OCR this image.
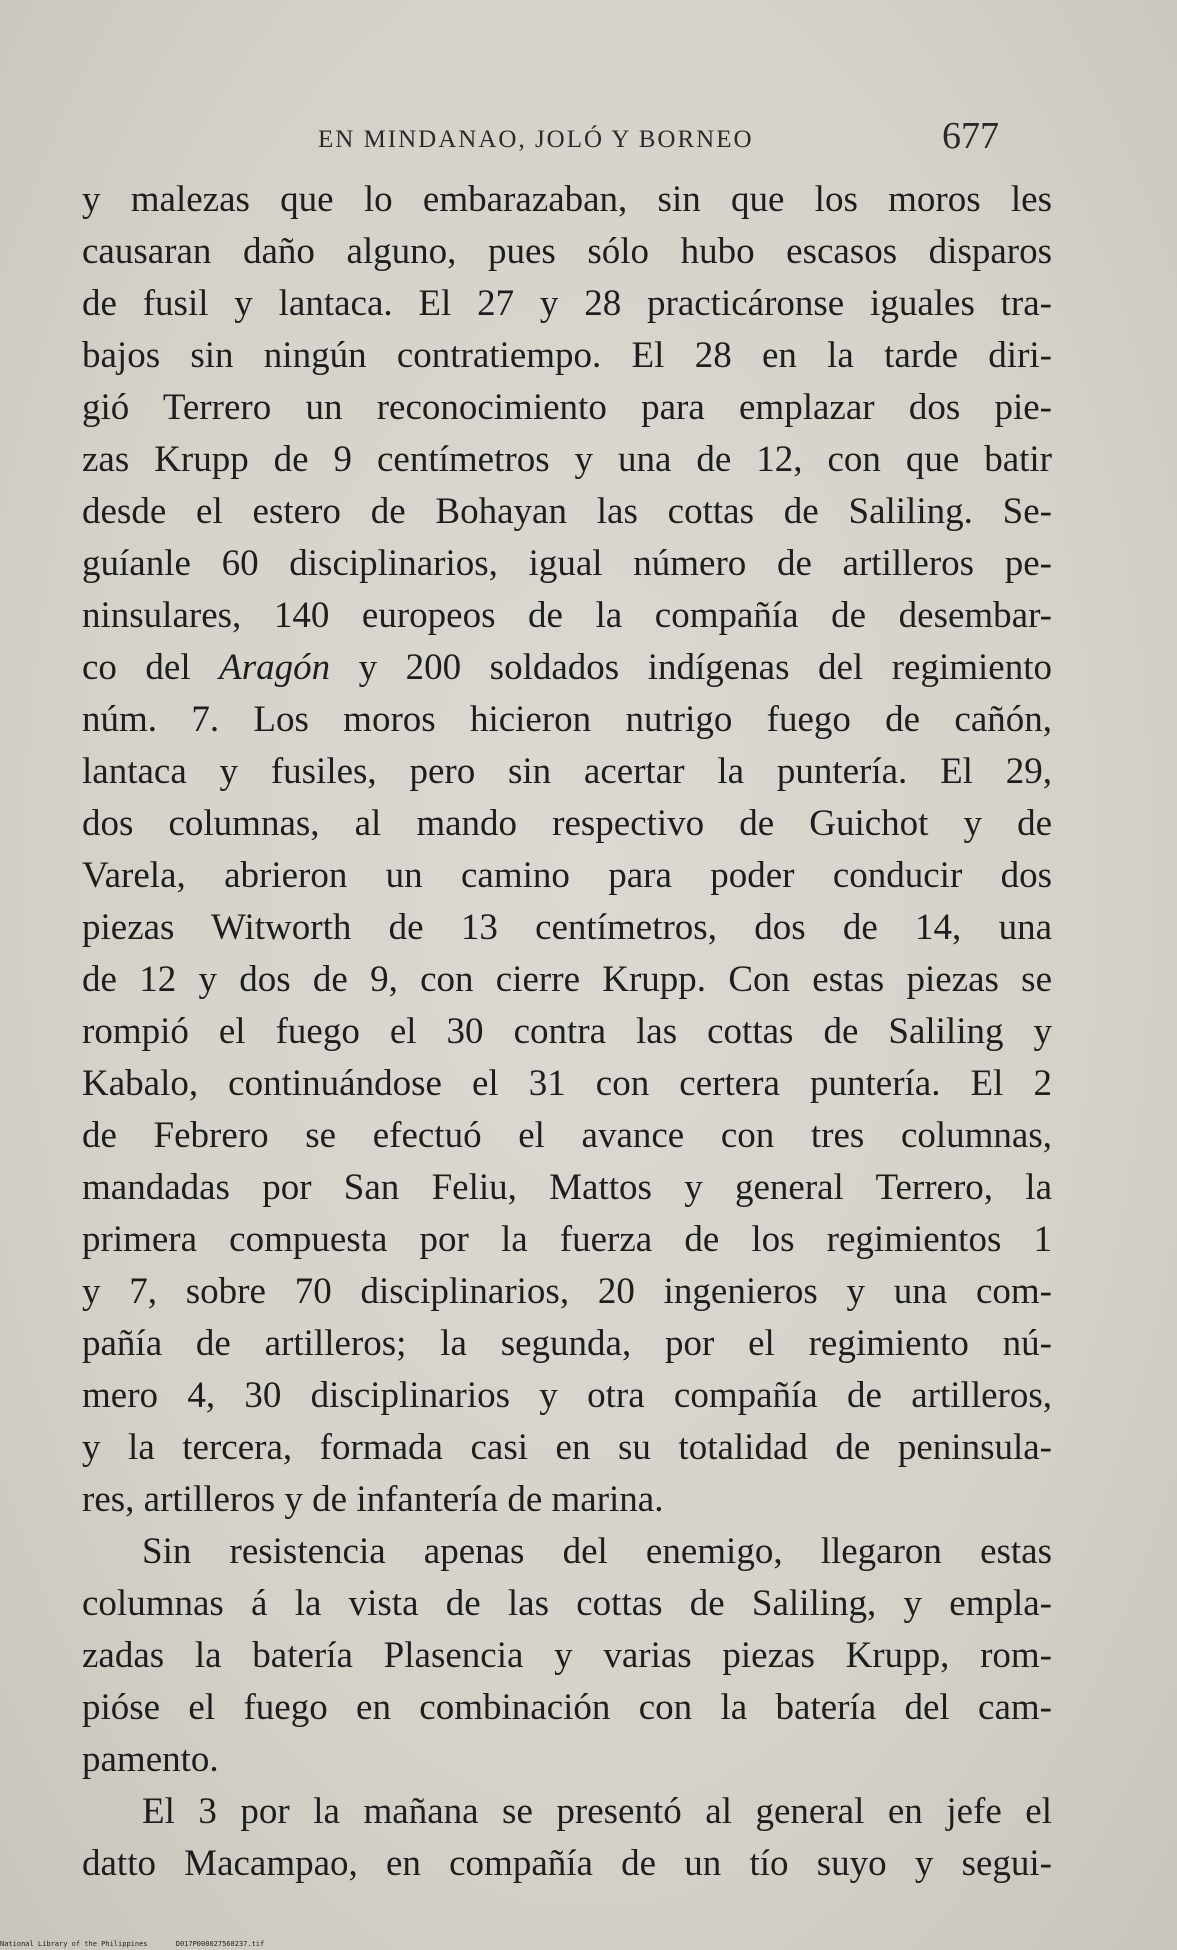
EN MINDANAO, JOLÓ Y BORNEO	677
y malezas que lo embarazaban, sin que los moros les
causaran daño alguno, pues sólo hubo escasos disparos
de fusil y lantaca. El 27 y 28 practicáronse iguales tra-
bajos sin ningún contratiempo. El 28 en la tarde diri-
gió Terrero un reconocimiento para emplazar dos pie-
zas Krupp de 9 centímetros y una de 12, con que batir
desde el estero de Bohayan las cottas de Saliling. Se-
guíanle 60 disciplinarios, igual número de artilleros pe-
ninsulares, 140 europeos de la compañía de desembar-
co del Aragón y 200 soldados indígenas del regimiento
núm. 7. Los moros hicieron nutrigo fuego de cañón,
lantaca y fusiles, pero sin acertar la puntería. El 29,
dos columnas, al mando respectivo de Guichot y de
Varela, abrieron un camino para poder conducir dos
piezas Witworth de 13 centímetros, dos de 14, una
de 12 y dos de 9, con cierre Krupp. Con estas piezas se
rompió el fuego el 30 contra las cottas de Saliling y
Kabalo, continuándose el 31 con certera puntería. El 2
de Febrero se efectuó el avance con tres columnas,
mandadas por San Feliu, Mattos y general Terrero, la
primera compuesta por la fuerza de los regimientos 1
y 7, sobre 70 disciplinarios, 20 ingenieros y una com-
pañía de artilleros; la segunda, por el regimiento nú-
mero 4, 30 disciplinarios y otra compañía de artilleros,
y la tercera, formada casi en su totalidad de peninsula-
res, artilleros y de infantería de marina.
Sin resistencia apenas del enemigo, llegaron estas
columnas á la vista de las cottas de Saliling, y empla-
zadas la batería Plasencia y varias piezas Krupp, rom-
pióse el fuego en combinación con la batería del cam-
pamento.
El 3 por la mañana se presentó al general en jefe el
datto Macampao, en compañía de un tío suyo y segui-
National Library of the Philippines	D017P000027560237.tif
